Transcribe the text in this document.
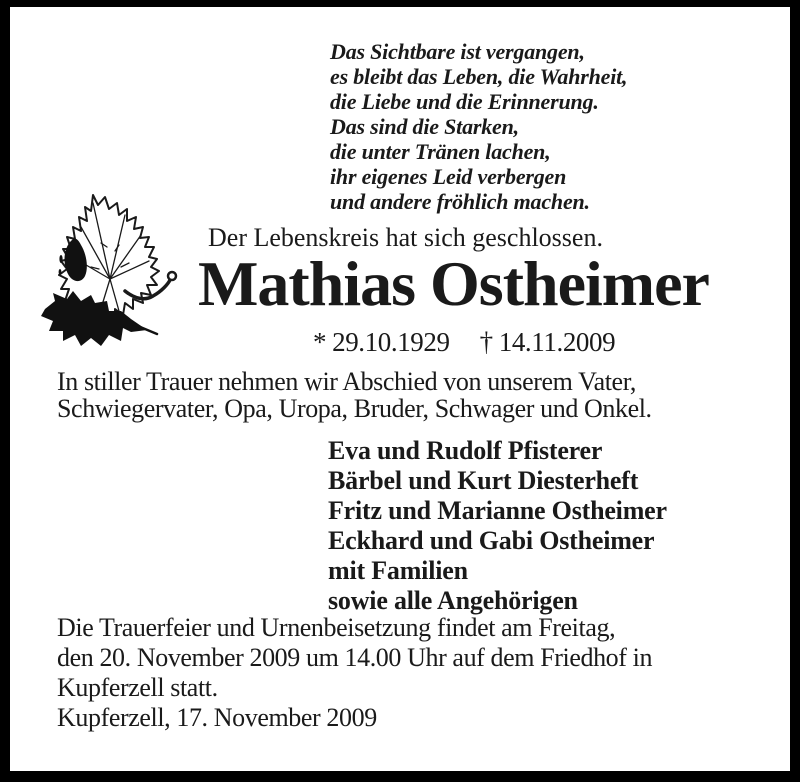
Das Sichtbare ist vergangen,
es bleibt das Leben, die Wahrheit,
die Liebe und die Erinnerung.
Das sind die Starken,
die unter Tränen lachen,
ihr eigenes Leid verbergen
und andere fröhlich machen.
Der Lebenskreis hat sich geschlossen.
Mathias Ostheimer
* 29.10.1929 † 14.11.2009
In stiller Trauer nehmen wir Abschied von unserem Vater,
Schwiegervater, Opa, Uropa, Bruder, Schwager und Onkel.
Eva und Rudolf Pfisterer
Bärbel und Kurt Diesterheft
Fritz und Marianne Ostheimer
Eckhard und Gabi Ostheimer
mit Familien
sowie alle Angehörigen
Die Trauerfeier und Urnenbeisetzung findet am Freitag,
den 20. November 2009 um 14.00 Uhr auf dem Friedhof in
Kupferzell statt.
Kupferzell, 17. November 2009
